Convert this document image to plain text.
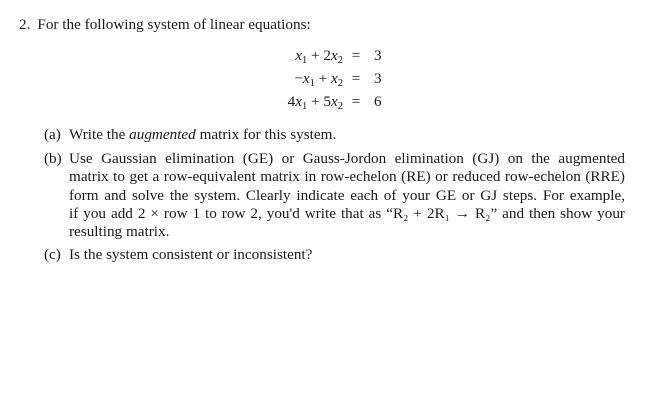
2. For the following system of linear equations:
$x_1 + 2x_2 = 3$
$-x_1 + x_2 = 3$
$4x_1 + 5x_2 = 6$
(a) Write the augmented matrix for this system.
(b) Use Gaussian elimination (GE) or Gauss-Jordon elimination (GJ) on the augmented
matrix to get a row-equivalent matrix in row-echelon (RE) or reduced row-echelon (RRE)
form and solve the system. Clearly indicate each of your GE or GJ steps. For example,
if you add 2 × row 1 to row 2, you'd write that as “R₂ + 2R₁ → R₂” and then show your
resulting matrix.
(c) Is the system consistent or inconsistent?
